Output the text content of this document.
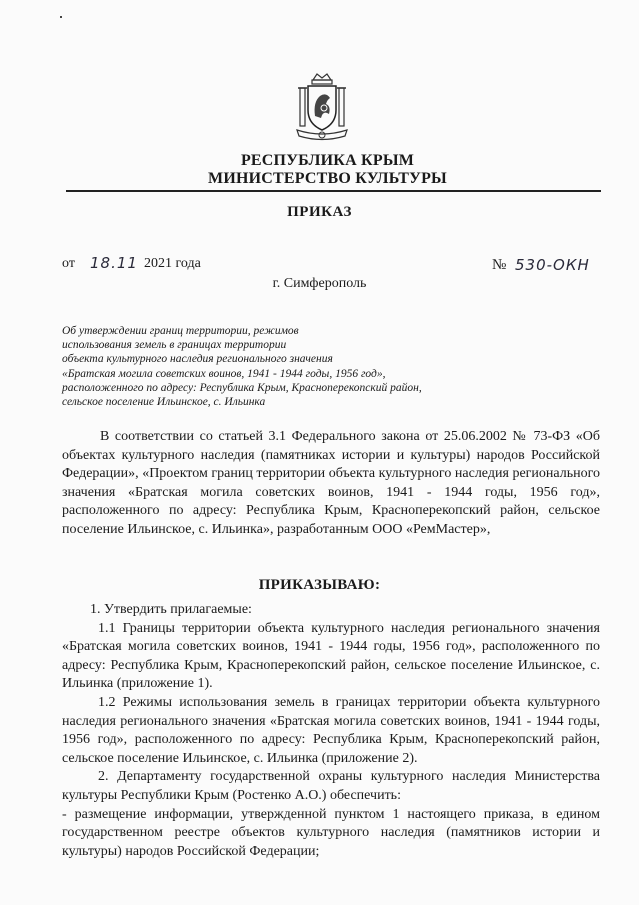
РЕСПУБЛИКА КРЫМ
МИНИСТЕРСТВО КУЛЬТУРЫ
ПРИКАЗ
от 18.11 2021 года	№ 530-ОКН
г. Симферополь
Об утверждении границ территории, режимов
использования земель в границах территории
объекта культурного наследия регионального значения
«Братская могила советских воинов, 1941 - 1944 годы, 1956 год»,
расположенного по адресу: Республика Крым, Красноперекопский район,
сельское поселение Ильинское, с. Ильинка
В соответствии со статьей 3.1 Федерального закона от 25.06.2002 № 73-ФЗ «Об объектах культурного наследия (памятниках истории и культуры) народов Российской Федерации», «Проектом границ территории объекта культурного наследия регионального значения «Братская могила советских воинов, 1941 - 1944 годы, 1956 год», расположенного по адресу: Республика Крым, Красноперекопский район, сельское поселение Ильинское, с. Ильинка», разработанным ООО «РемМастер»,
ПРИКАЗЫВАЮ:
1. Утвердить прилагаемые:
1.1 Границы территории объекта культурного наследия регионального значения «Братская могила советских воинов, 1941 - 1944 годы, 1956 год», расположенного по адресу: Республика Крым, Красноперекопский район, сельское поселение Ильинское, с. Ильинка (приложение 1).
1.2 Режимы использования земель в границах территории объекта культурного наследия регионального значения «Братская могила советских воинов, 1941 - 1944 годы, 1956 год», расположенного по адресу: Республика Крым, Красноперекопский район, сельское поселение Ильинское, с. Ильинка (приложение 2).
2. Департаменту государственной охраны культурного наследия Министерства культуры Республики Крым (Ростенко А.О.) обеспечить:
- размещение информации, утвержденной пунктом 1 настоящего приказа, в едином государственном реестре объектов культурного наследия (памятников истории и культуры) народов Российской Федерации;
